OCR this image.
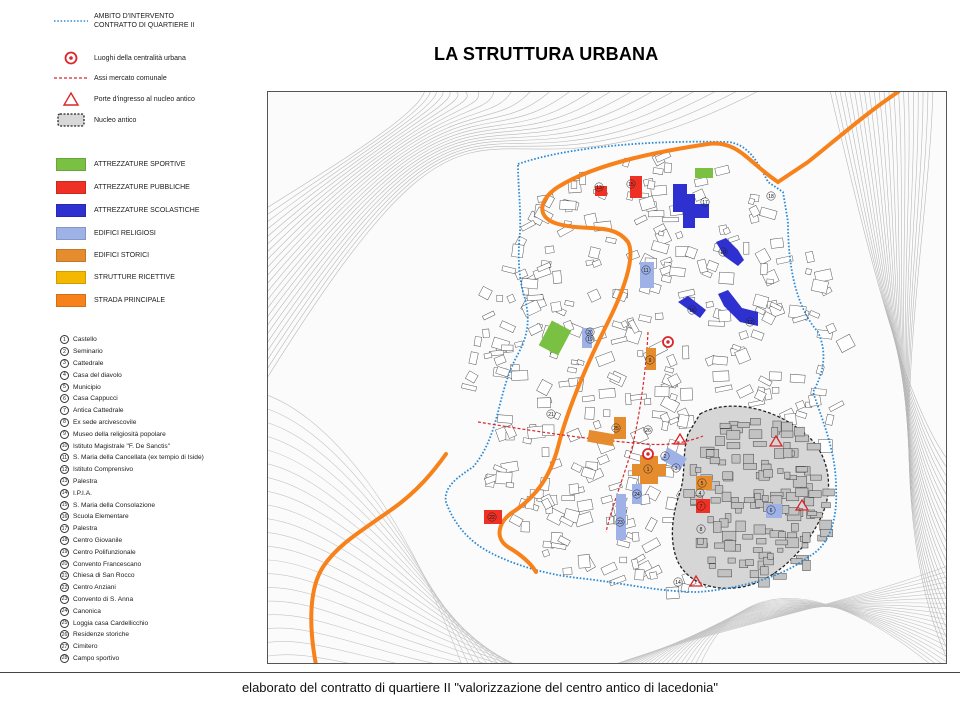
AMBITO D'INTERVENTO
CONTRATTO DI QUARTIERE II
Luoghi della centralità urbana
Assi mercato comunale
Porte d'ingresso al nucleo antico
Nucleo antico
ATTREZZATURE SPORTIVE
ATTREZZATURE PUBBLICHE
ATTREZZATURE SCOLASTICHE
EDIFICI RELIGIOSI
EDIFICI STORICI
STRUTTURE RICETTIVE
STRADA PRINCIPALE
1	Castello
2	Seminario
3	Cattedrale
4	Casa del diavolo
5	Municipio
6	Casa Cappucci
7	Antica Cattedrale
8	Ex sede arcivescovile
9	Museo della religiosità popolare
10 Istituto Magistrale "F. De Sanctis"
11 S. Maria della Cancellata (ex tempio di Iside)
12 Istituto Comprensivo
13 Palestra
14 I.P.I.A.
15 S. Maria della Consolazione
16 Scuola Elementare
17 Palestra
18 Centro Giovanile
19 Centro Polifunzionale
20 Convento Francescano
21 Chiesa di San Rocco
22 Centro Anziani
23 Convento di S. Anna
24 Canonica
25 Loggia casa Cardellicchio
26 Residenze storiche
27 Cimitero
28 Campo sportivo
LA STRUTTURA URBANA
1
2
3
4
5
6
7
8
9
10
11
12
13
14
15
16
17
18
19
20
21
22
23
24
25	26
elaborato del contratto di quartiere II "valorizzazione del centro antico di lacedonia"
